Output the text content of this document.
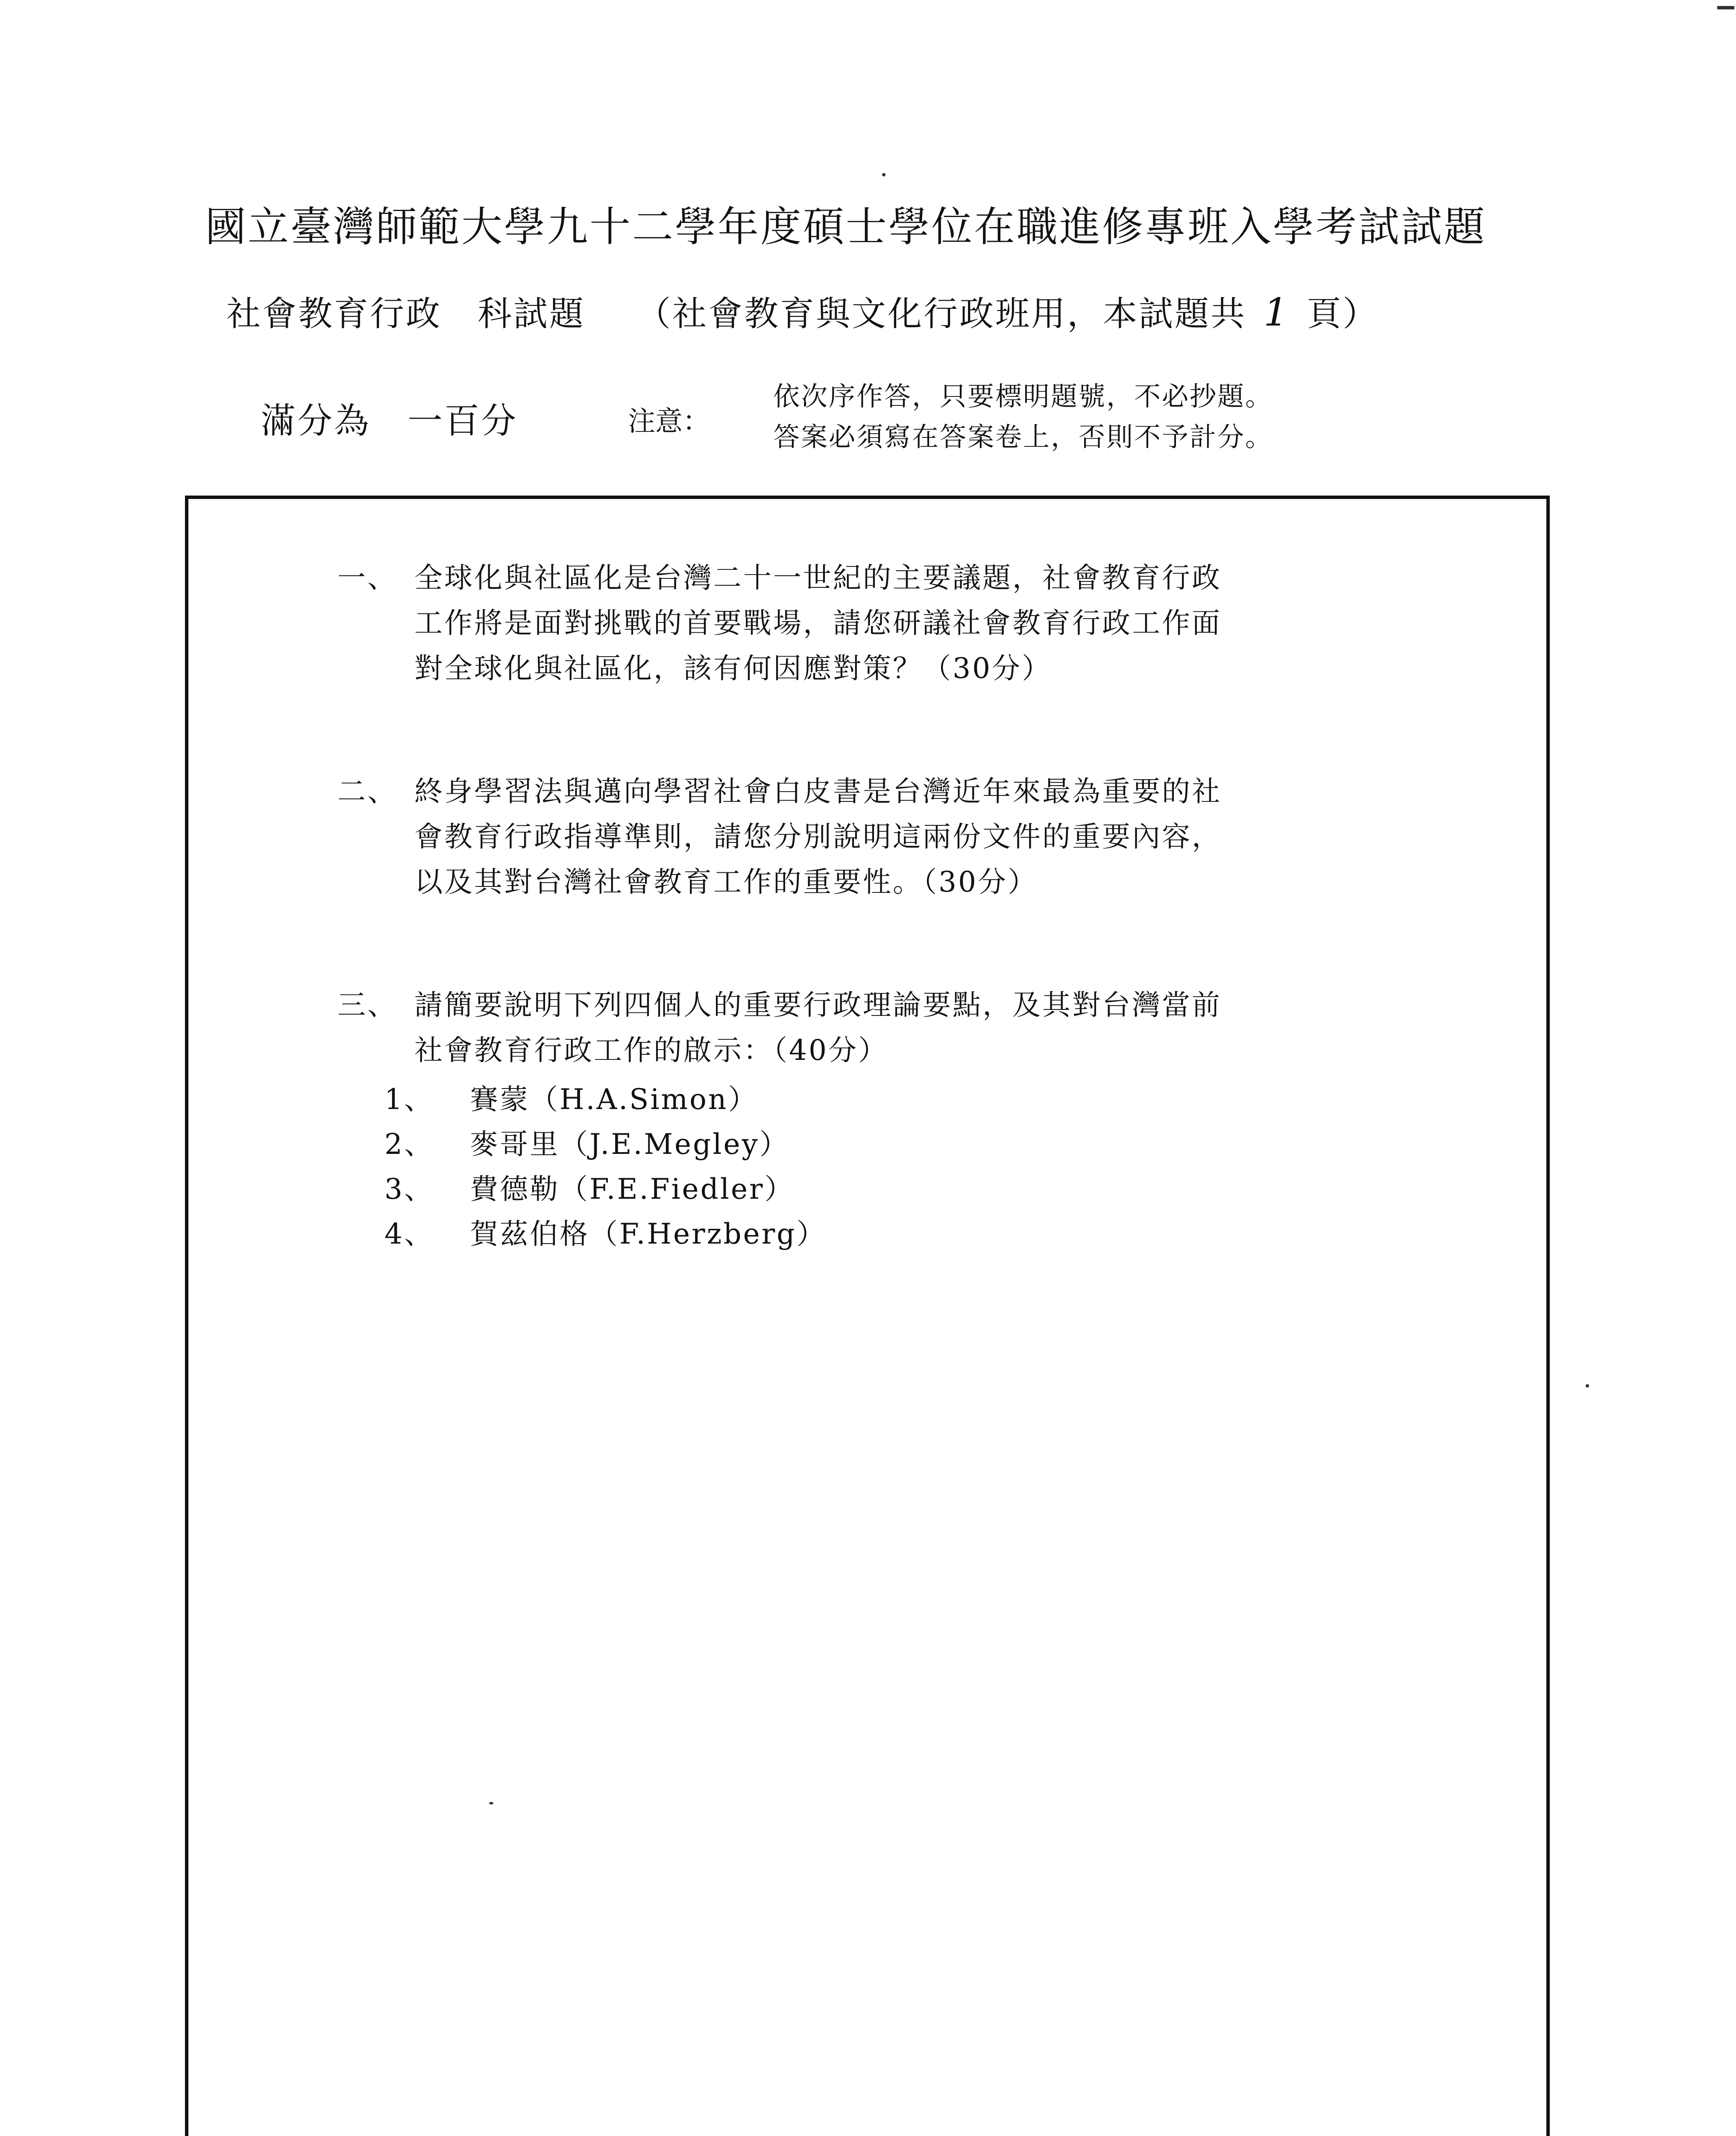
國立臺灣師範大學九十二學年度碩士學位在職進修專班入學考試試題
社會教育行政　科試題 （社會教育與文化行政班用，本試題共 1 頁）
滿分為　一百分	注意：
依次序作答，只要標明題號，不必抄題。
答案必須寫在答案卷上，否則不予計分。
一、 全球化與社區化是台灣二十一世紀的主要議題，社會教育行政
工作將是面對挑戰的首要戰場，請您研議社會教育行政工作面
對全球化與社區化，該有何因應對策？（30分）
二、 終身學習法與邁向學習社會白皮書是台灣近年來最為重要的社
會教育行政指導準則，請您分別說明這兩份文件的重要內容，
以及其對台灣社會教育工作的重要性。（30分）
三、 請簡要說明下列四個人的重要行政理論要點，及其對台灣當前
社會教育行政工作的啟示：（40分）
1、 賽蒙（H.A.Simon）
2、 麥哥里（J.E.Megley）
3、 費德勒（F.E.Fiedler）
4、 賀茲伯格（F.Herzberg）
